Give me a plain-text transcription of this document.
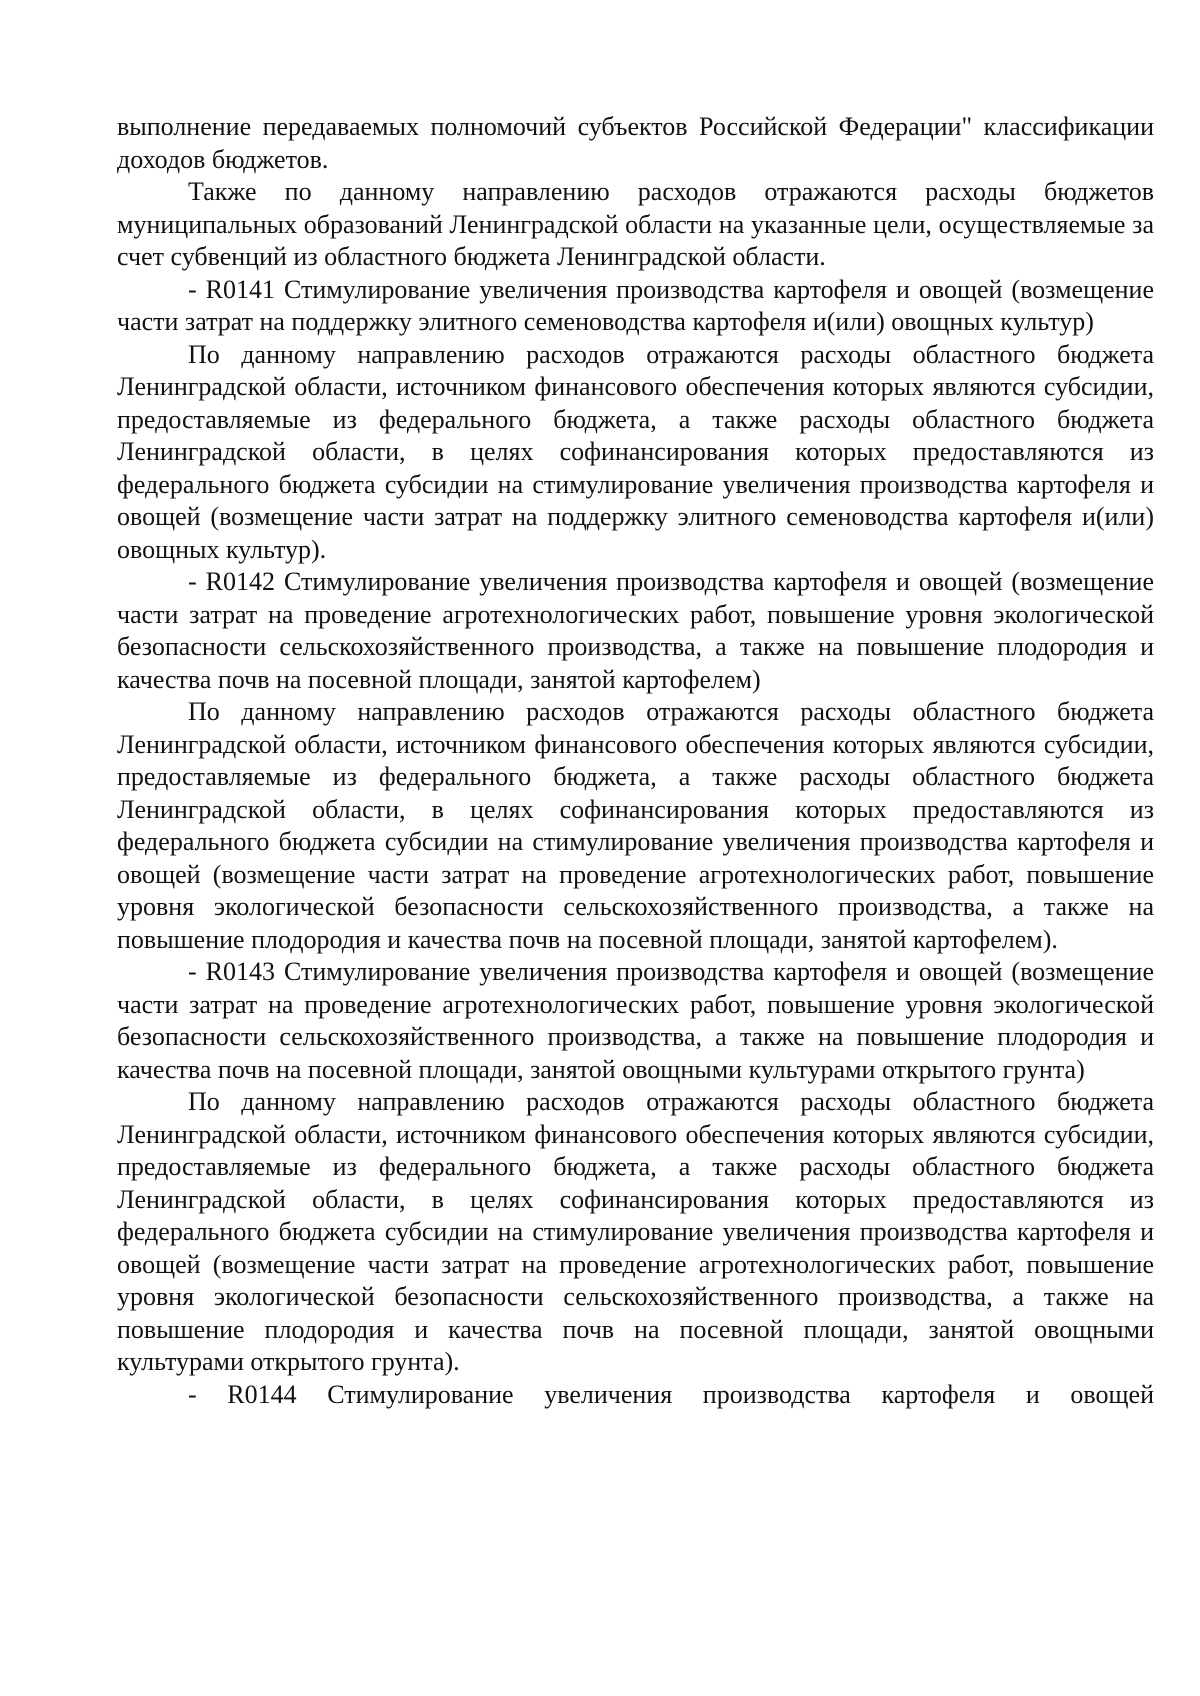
выполнение передаваемых полномочий субъектов Российской Федерации" классификации доходов бюджетов.

Также по данному направлению расходов отражаются расходы бюджетов муниципальных образований Ленинградской области на указанные цели, осуществляемые за счет субвенций из областного бюджета Ленинградской области.

- R0141 Стимулирование увеличения производства картофеля и овощей (возмещение части затрат на поддержку элитного семеноводства картофеля и(или) овощных культур)

По данному направлению расходов отражаются расходы областного бюджета Ленинградской области, источником финансового обеспечения которых являются субсидии, предоставляемые из федерального бюджета, а также расходы областного бюджета Ленинградской области, в целях софинансирования которых предоставляются из федерального бюджета субсидии на стимулирование увеличения производства картофеля и овощей (возмещение части затрат на поддержку элитного семеноводства картофеля и(или) овощных культур).

- R0142 Стимулирование увеличения производства картофеля и овощей (возмещение части затрат на проведение агротехнологических работ, повышение уровня экологической безопасности сельскохозяйственного производства, а также на повышение плодородия и качества почв на посевной площади, занятой картофелем)

По данному направлению расходов отражаются расходы областного бюджета Ленинградской области, источником финансового обеспечения которых являются субсидии, предоставляемые из федерального бюджета, а также расходы областного бюджета Ленинградской области, в целях софинансирования которых предоставляются из федерального бюджета субсидии на стимулирование увеличения производства картофеля и овощей (возмещение части затрат на проведение агротехнологических работ, повышение уровня экологической безопасности сельскохозяйственного производства, а также на повышение плодородия и качества почв на посевной площади, занятой картофелем).

- R0143 Стимулирование увеличения производства картофеля и овощей (возмещение части затрат на проведение агротехнологических работ, повышение уровня экологической безопасности сельскохозяйственного производства, а также на повышение плодородия и качества почв на посевной площади, занятой овощными культурами открытого грунта)

По данному направлению расходов отражаются расходы областного бюджета Ленинградской области, источником финансового обеспечения которых являются субсидии, предоставляемые из федерального бюджета, а также расходы областного бюджета Ленинградской области, в целях софинансирования которых предоставляются из федерального бюджета субсидии на стимулирование увеличения производства картофеля и овощей (возмещение части затрат на проведение агротехнологических работ, повышение уровня экологической безопасности сельскохозяйственного производства, а также на повышение плодородия и качества почв на посевной площади, занятой овощными культурами открытого грунта).

- R0144 Стимулирование увеличения производства картофеля и овощей
